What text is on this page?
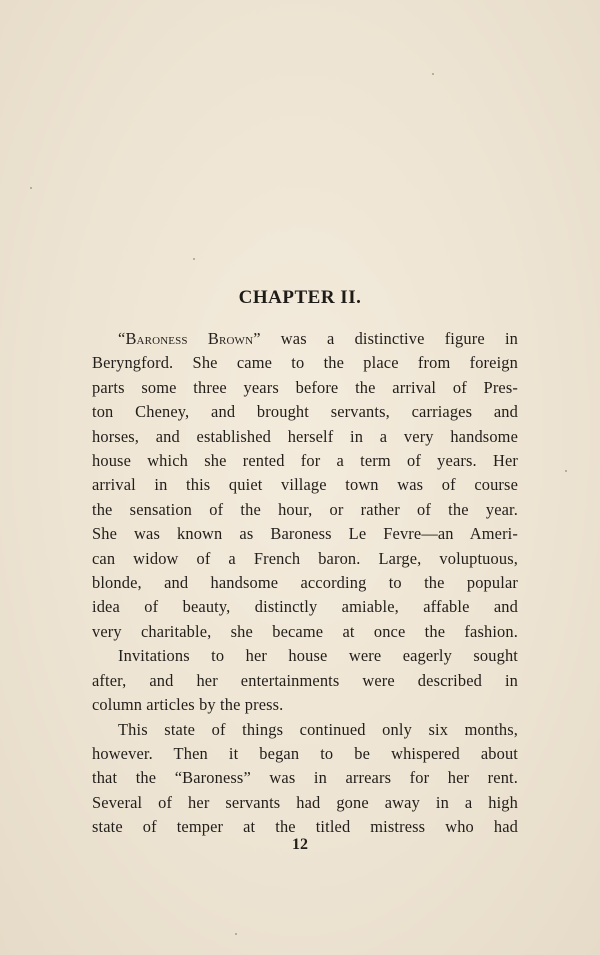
CHAPTER II.

“Baroness Brown” was a distinctive figure in
Beryngford. She came to the place from foreign
parts some three years before the arrival of Pres-
ton Cheney, and brought servants, carriages and
horses, and established herself in a very handsome
house which she rented for a term of years. Her
arrival in this quiet village town was of course
the sensation of the hour, or rather of the year.
She was known as Baroness Le Fevre—an Ameri-
can widow of a French baron. Large, voluptuous,
blonde, and handsome according to the popular
idea of beauty, distinctly amiable, affable and
very charitable, she became at once the fashion.

Invitations to her house were eagerly sought
after, and her entertainments were described in
column articles by the press.

This state of things continued only six months,
however. Then it began to be whispered about
that the “Baroness” was in arrears for her rent.
Several of her servants had gone away in a high
state of temper at the titled mistress who had

12
